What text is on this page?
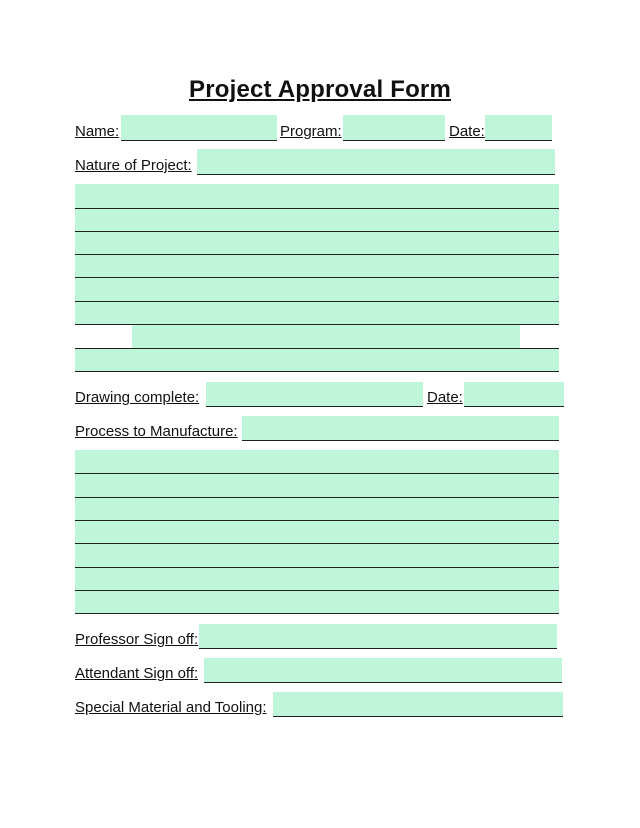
Project Approval Form
Name:	Program:	Date:
Nature of Project:
Drawing complete:	Date:
Process to Manufacture:
Professor Sign off:
Attendant Sign off:
Special Material and Tooling:
